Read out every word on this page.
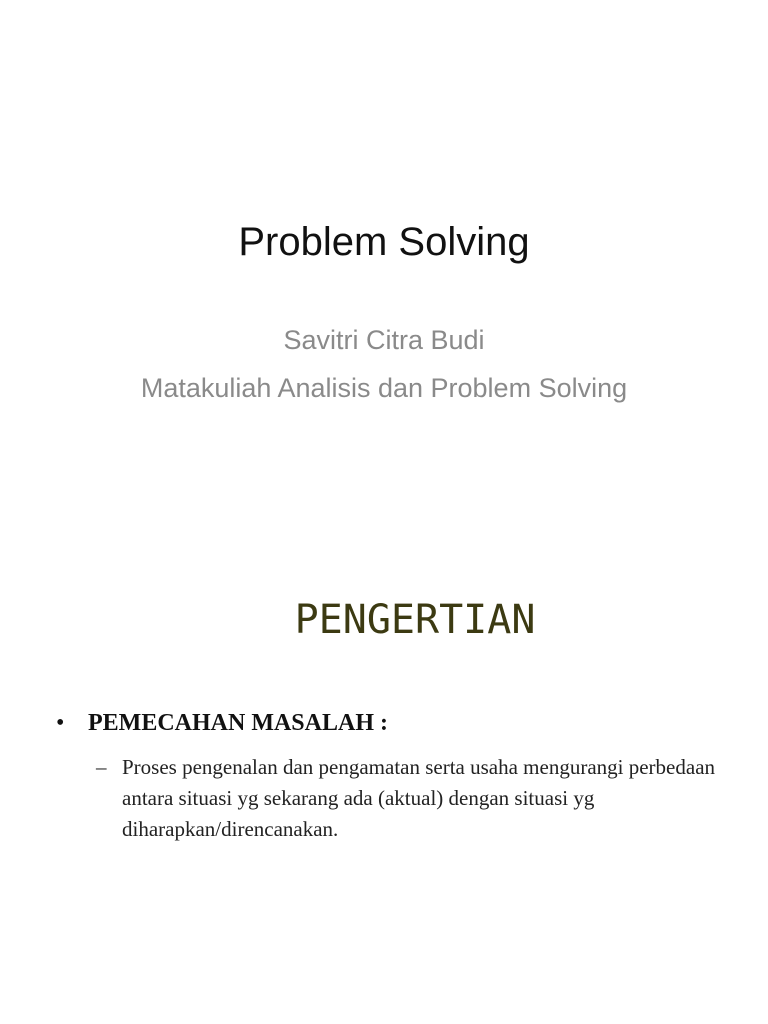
Problem Solving
Savitri Citra Budi
Matakuliah Analisis dan Problem Solving
PENGERTIAN
• PEMECAHAN MASALAH :
– Proses pengenalan dan pengamatan serta usaha mengurangi perbedaan antara situasi yg sekarang ada (aktual) dengan situasi yg diharapkan/direncanakan.
